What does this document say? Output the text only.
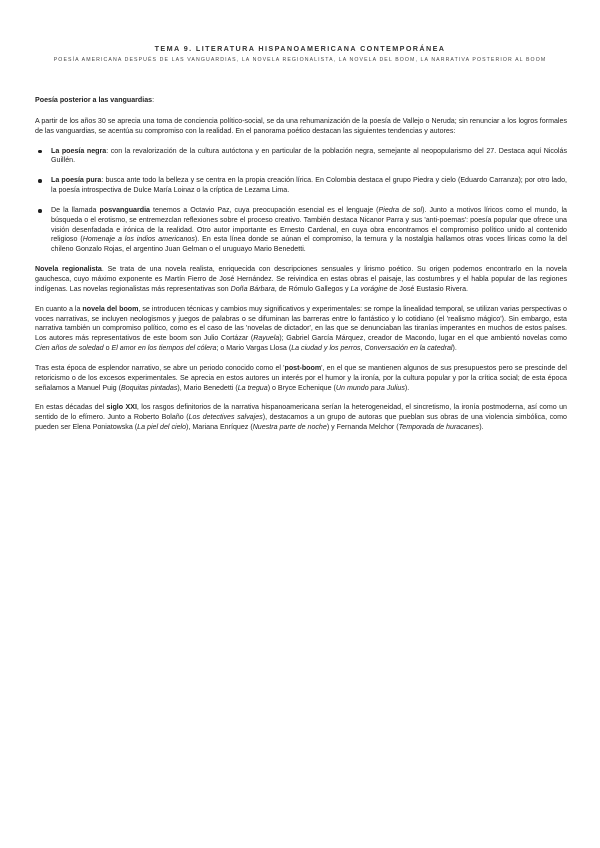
TEMA 9. LITERATURA HISPANOAMERICANA CONTEMPORÁNEA
POESÍA AMERICANA DESPUÉS DE LAS VANGUARDIAS, LA NOVELA REGIONALISTA, LA NOVELA DEL BOOM, LA NARRATIVA POSTERIOR AL BOOM

Poesía posterior a las vanguardias:

A partir de los años 30 se aprecia una toma de conciencia político-social, se da una rehumanización de la poesía de Vallejo o Neruda; sin renunciar a los logros formales de las vanguardias, se acentúa su compromiso con la realidad. En el panorama poético destacan las siguientes tendencias y autores:

La poesía negra: con la revalorización de la cultura autóctona y en particular de la población negra, semejante al neopopularismo del 27. Destaca aquí Nicolás Guillén.
La poesía pura: busca ante todo la belleza y se centra en la propia creación lírica. En Colombia destaca el grupo Piedra y cielo (Eduardo Carranza); por otro lado, la poesía introspectiva de Dulce María Loinaz o la críptica de Lezama Lima.
De la llamada posvanguardia tenemos a Octavio Paz, cuya preocupación esencial es el lenguaje (Piedra de sol). Junto a motivos líricos como el mundo, la búsqueda o el erotismo, se entremezclan reflexiones sobre el proceso creativo. También destaca Nicanor Parra y sus 'anti-poemas': poesía popular que ofrece una visión desenfadada e irónica de la realidad. Otro autor importante es Ernesto Cardenal, en cuya obra encontramos el compromiso político unido al contenido religioso (Homenaje a los indios americanos). En esta línea donde se aúnan el compromiso, la ternura y la nostalgia hallamos otras voces líricas como la del chileno Gonzalo Rojas, el argentino Juan Gelman o el uruguayo Mario Benedetti.

Novela regionalista. Se trata de una novela realista, enriquecida con descripciones sensuales y lirismo poético. Su origen podemos encontrarlo en la novela gauchesca, cuyo máximo exponente es Martín Fierro de José Hernández. Se reivindica en estas obras el paisaje, las costumbres y el habla popular de las regiones indígenas. Las novelas regionalistas más representativas son Doña Bárbara, de Rómulo Gallegos y La vorágine de José Eustasio Rivera.

En cuanto a la novela del boom, se introducen técnicas y cambios muy significativos y experimentales: se rompe la linealidad temporal, se utilizan varias perspectivas o voces narrativas, se incluyen neologismos y juegos de palabras o se difuminan las barreras entre lo fantástico y lo cotidiano (el 'realismo mágico'). Sin embargo, esta narrativa también un compromiso político, como es el caso de las 'novelas de dictador', en las que se denunciaban las tiranías imperantes en muchos de estos países. Los autores más representativos de este boom son Julio Cortázar (Rayuela); Gabriel García Márquez, creador de Macondo, lugar en el que ambientó novelas como Cien años de soledad o El amor en los tiempos del cólera; o Mario Vargas Llosa (La ciudad y los perros, Conversación en la catedral).

Tras esta época de esplendor narrativo, se abre un periodo conocido como el 'post-boom', en el que se mantienen algunos de sus presupuestos pero se prescinde del retoricismo o de los excesos experimentales. Se aprecia en estos autores un interés por el humor y la ironía, por la cultura popular y por la crítica social; de esta época señalamos a Manuel Puig (Boquitas pintadas), Mario Benedetti (La tregua) o Bryce Echenique (Un mundo para Julius).

En estas décadas del siglo XXI, los rasgos definitorios de la narrativa hispanoamericana serían la heterogeneidad, el sincretismo, la ironía postmoderna, así como un sentido de lo efímero. Junto a Roberto Bolaño (Los detectives salvajes), destacamos a un grupo de autoras que pueblan sus obras de una violencia simbólica, como pueden ser Elena Poniatowska (La piel del cielo), Mariana Enríquez (Nuestra parte de noche) y Fernanda Melchor (Temporada de huracanes).
